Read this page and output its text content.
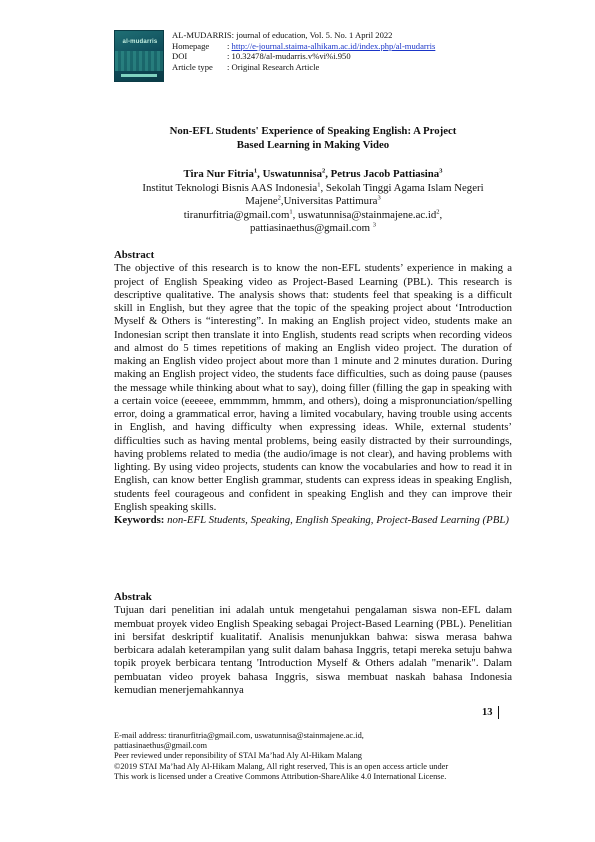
al-mudarris
AL-MUDARRIS: journal of education, Vol. 5. No. 1 April 2022
Homepage : http://e-journal.staima-alhikam.ac.id/index.php/al-mudarris
DOI	: 10.32478/al-mudarris.v%vi%i.950
Article type : Original Research Article
Non-EFL Students' Experience of Speaking English: A Project
Based Learning in Making Video
Tira Nur Fitria$^1$, Uswatunnisa$^2$, Petrus Jacob Pattiasina$^3$
Institut Teknologi Bisnis AAS Indonesia$^1$, Sekolah Tinggi Agama Islam Negeri Majene$^2$,Universitas Pattimura$^3$
tiranurfitria@gmail.com$^1$, $uswatunnisa@stainmajene.ac.id^2$,
pattiasinaethus@gmail.com $^3$
Abstract
The objective of this research is to know the non-EFL students’ experience in making a project of English Speaking video as Project-Based Learning (PBL). This research is descriptive qualitative. The analysis shows that: students feel that speaking is a difficult skill in English, but they agree that the topic of the speaking project about ‘Introduction Myself & Others is “interesting”. In making an English project video, students make an Indonesian script then translate it into English, students read scripts when recording videos and almost do 5 times repetitions of making an English video project. The duration of making an English video project about more than 1 minute and 2 minutes duration. During making an English project video, the students face difficulties, such as doing pause (pauses the message while thinking about what to say), doing filler (filling the gap in speaking with a certain voice (eeeeee, emmmmm, hmmm, and others), doing a mispronunciation/spelling error, doing a grammatical error, having a limited vocabulary, having trouble using accents in English, and having difficulty when expressing ideas. While, external students’ difficulties such as having mental problems, being easily distracted by their surroundings, having problems related to media (the audio/image is not clear), and having problems with lighting. By using video projects, students can know the vocabularies and how to read it in English, can know better English grammar, students can express ideas in speaking English, students feel courageous and confident in speaking English and they can improve their English speaking skills.
Keywords: non-EFL Students, Speaking, English Speaking, Project-Based Learning (PBL)
Abstrak
Tujuan dari penelitian ini adalah untuk mengetahui pengalaman siswa non-EFL dalam membuat proyek video English Speaking sebagai Project-Based Learning (PBL). Penelitian ini bersifat deskriptif kualitatif. Analisis menunjukkan bahwa: siswa merasa bahwa berbicara adalah keterampilan yang sulit dalam bahasa Inggris, tetapi mereka setuju bahwa topik proyek berbicara tentang 'Introduction Myself & Others adalah "menarik". Dalam pembuatan video proyek bahasa Inggris, siswa membuat naskah bahasa Indonesia kemudian menerjemahkannya
13
E-mail address: tiranurfitria@gmail.com, uswatunnisa@stainmajene.ac.id,
pattiasinaethus@gmail.com
Peer reviewed under reponsibility of STAI Ma’had Aly Al-Hikam Malang
©2019 STAI Ma’had Aly Al-Hikam Malang, All right reserved, This is an open access article under
This work is licensed under a Creative Commons Attribution-ShareAlike 4.0 International License.
